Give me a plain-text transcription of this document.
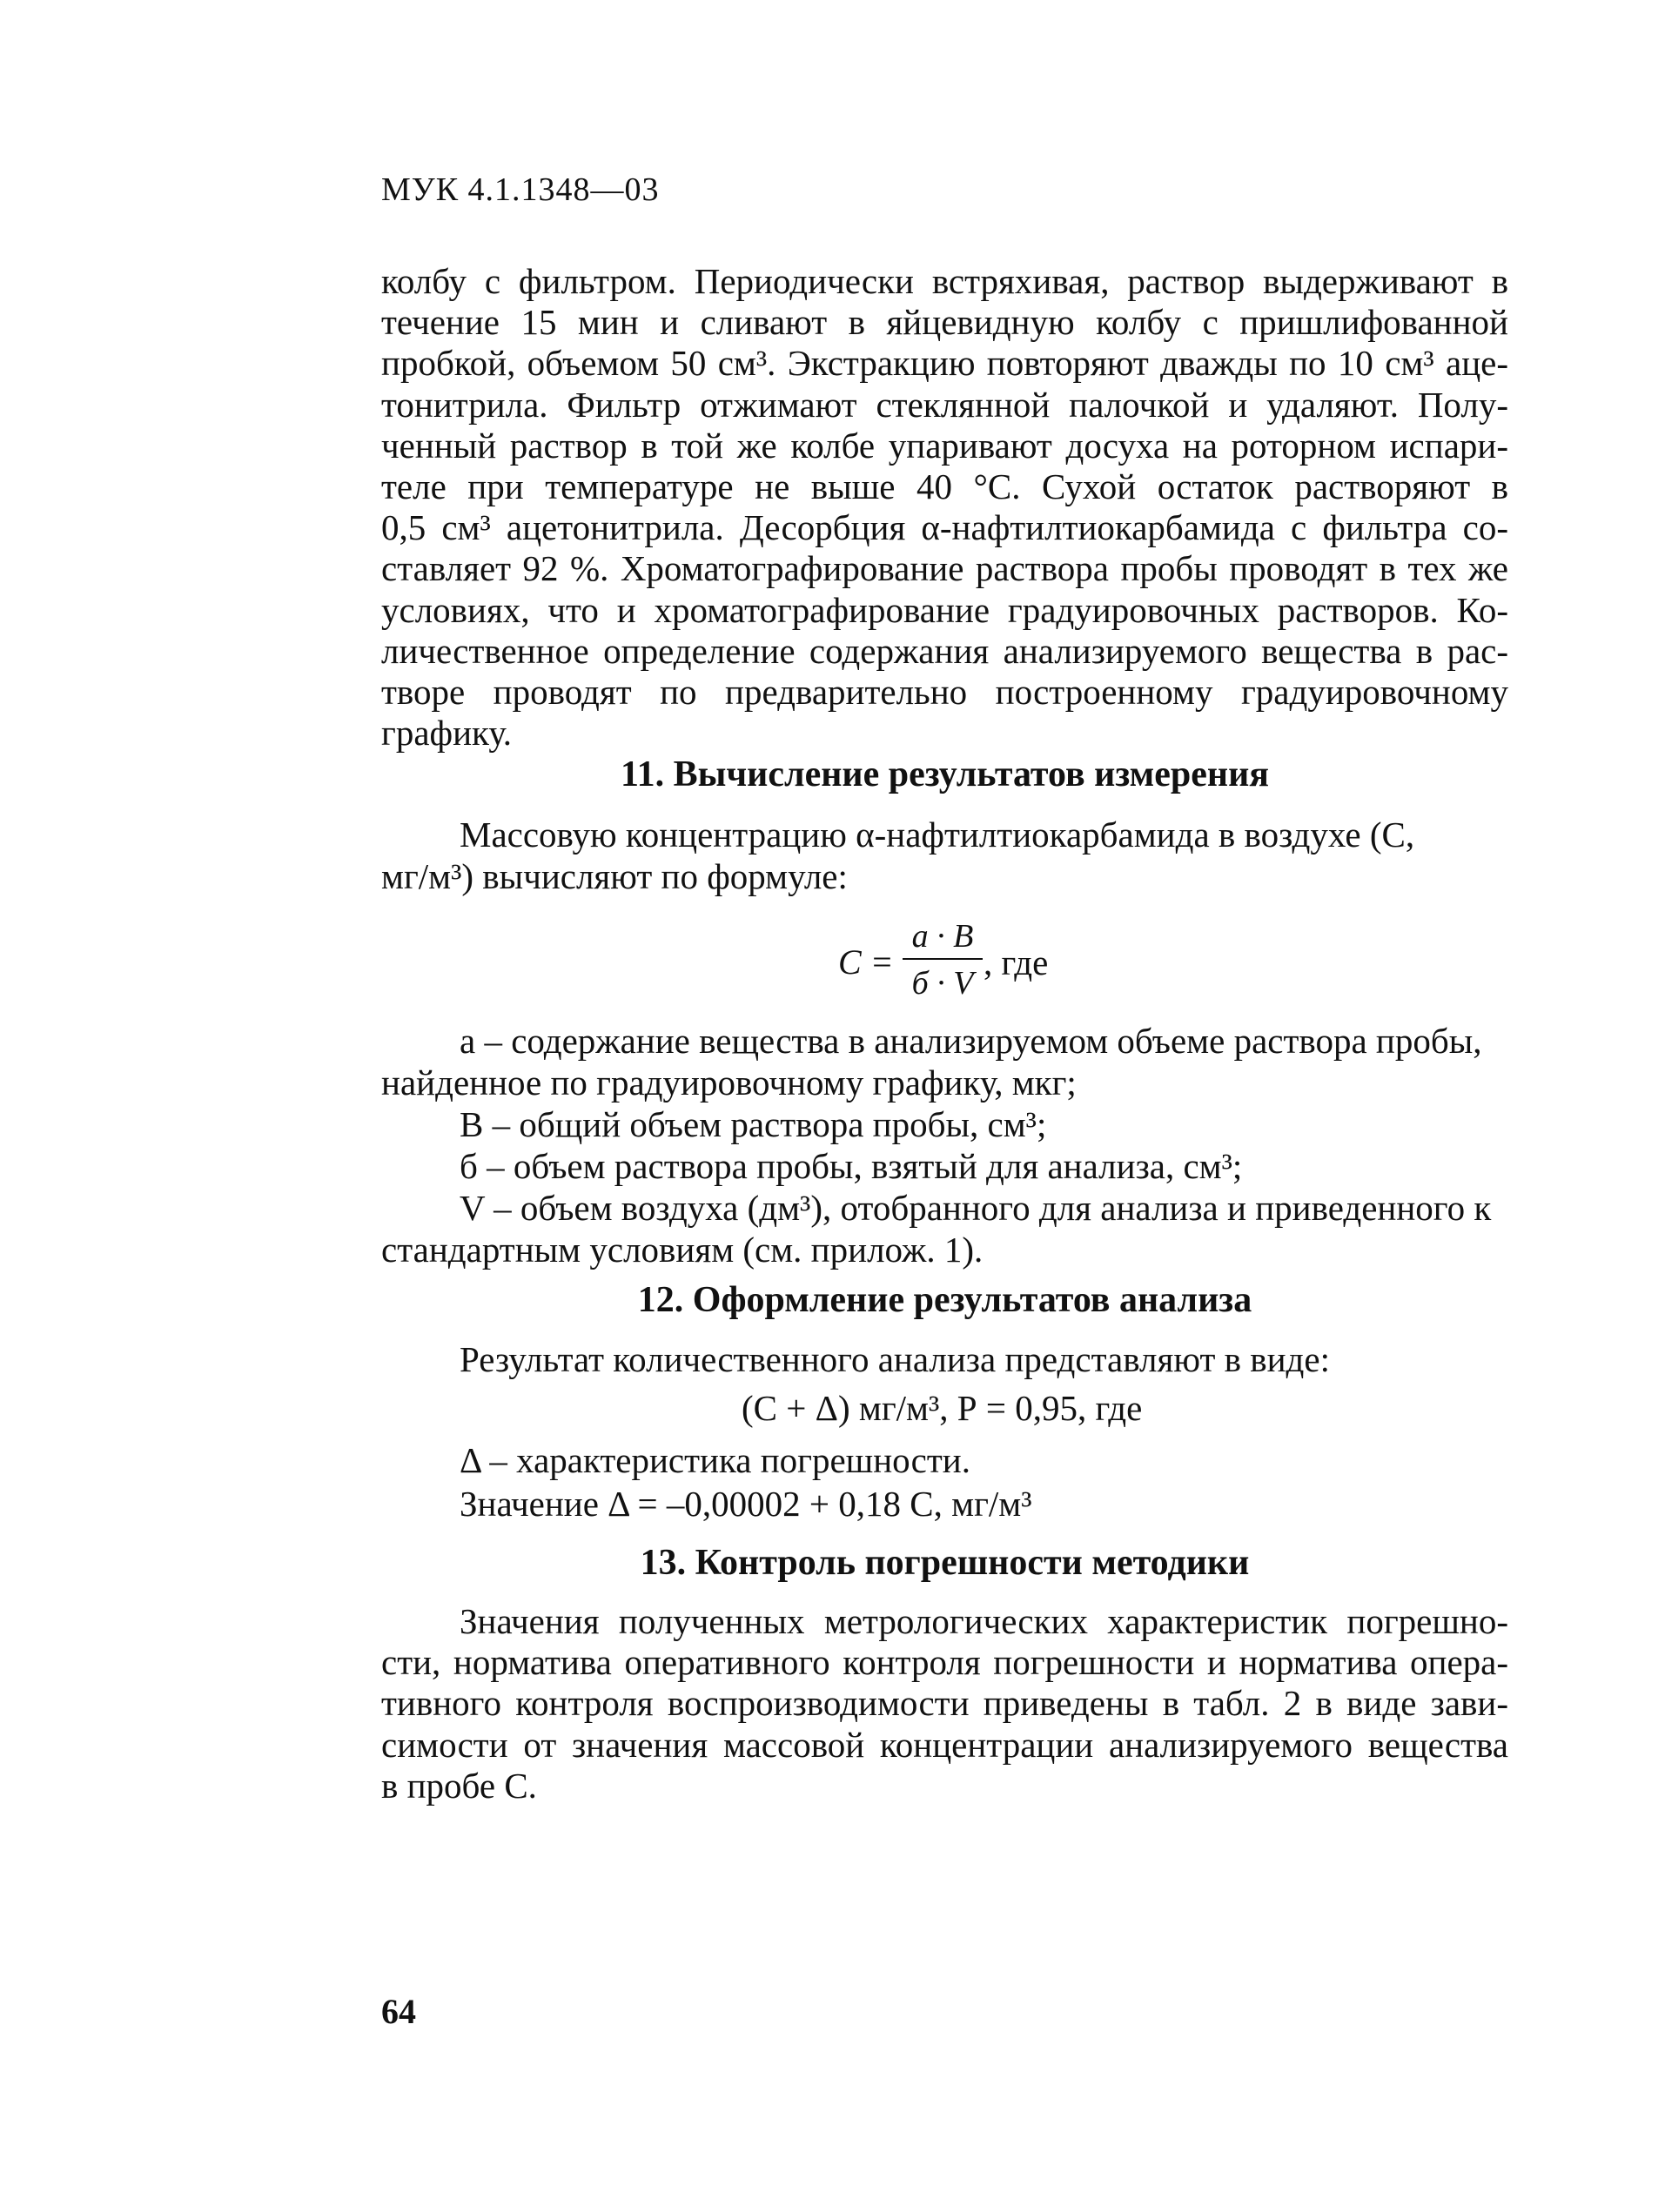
МУК 4.1.1348—03
колбу с фильтром. Периодически встряхивая, раствор выдерживают в
течение 15 мин и сливают в яйцевидную колбу с пришлифованной
пробкой, объемом 50 см³. Экстракцию повторяют дважды по 10 см³ аце-
тонитрила. Фильтр отжимают стеклянной палочкой и удаляют. Полу-
ченный раствор в той же колбе упаривают досуха на роторном испари-
теле при температуре не выше 40 °С. Сухой остаток растворяют в
0,5 см³ ацетонитрила. Десорбция α-нафтилтиокарбамида с фильтра со-
ставляет 92 %. Хроматографирование раствора пробы проводят в тех же
условиях, что и хроматографирование градуировочных растворов. Ко-
личественное определение содержания анализируемого вещества в рас-
творе проводят по предварительно построенному градуировочному
графику.
11. Вычисление результатов измерения
Массовую концентрацию α-нафтилтиокарбамида в воздухе (С,
мг/м³) вычисляют по формуле:
С =
а · В
б · V
, где
а – содержание вещества в анализируемом объеме раствора пробы,
найденное по градуировочному графику, мкг;
В – общий объем раствора пробы, см³;
б – объем раствора пробы, взятый для анализа, см³;
V – объем воздуха (дм³), отобранного для анализа и приведенного к
стандартным условиям (см. прилож. 1).
12. Оформление результатов анализа
Результат количественного анализа представляют в виде:
(С + Δ) мг/м³, Р = 0,95, где
Δ – характеристика погрешности.
Значение Δ = –0,00002 + 0,18 С, мг/м³
13. Контроль погрешности методики
Значения полученных метрологических характеристик погрешно-
сти, норматива оперативного контроля погрешности и норматива опера-
тивного контроля воспроизводимости приведены в табл. 2 в виде зави-
симости от значения массовой концентрации анализируемого вещества
в пробе С.
64
